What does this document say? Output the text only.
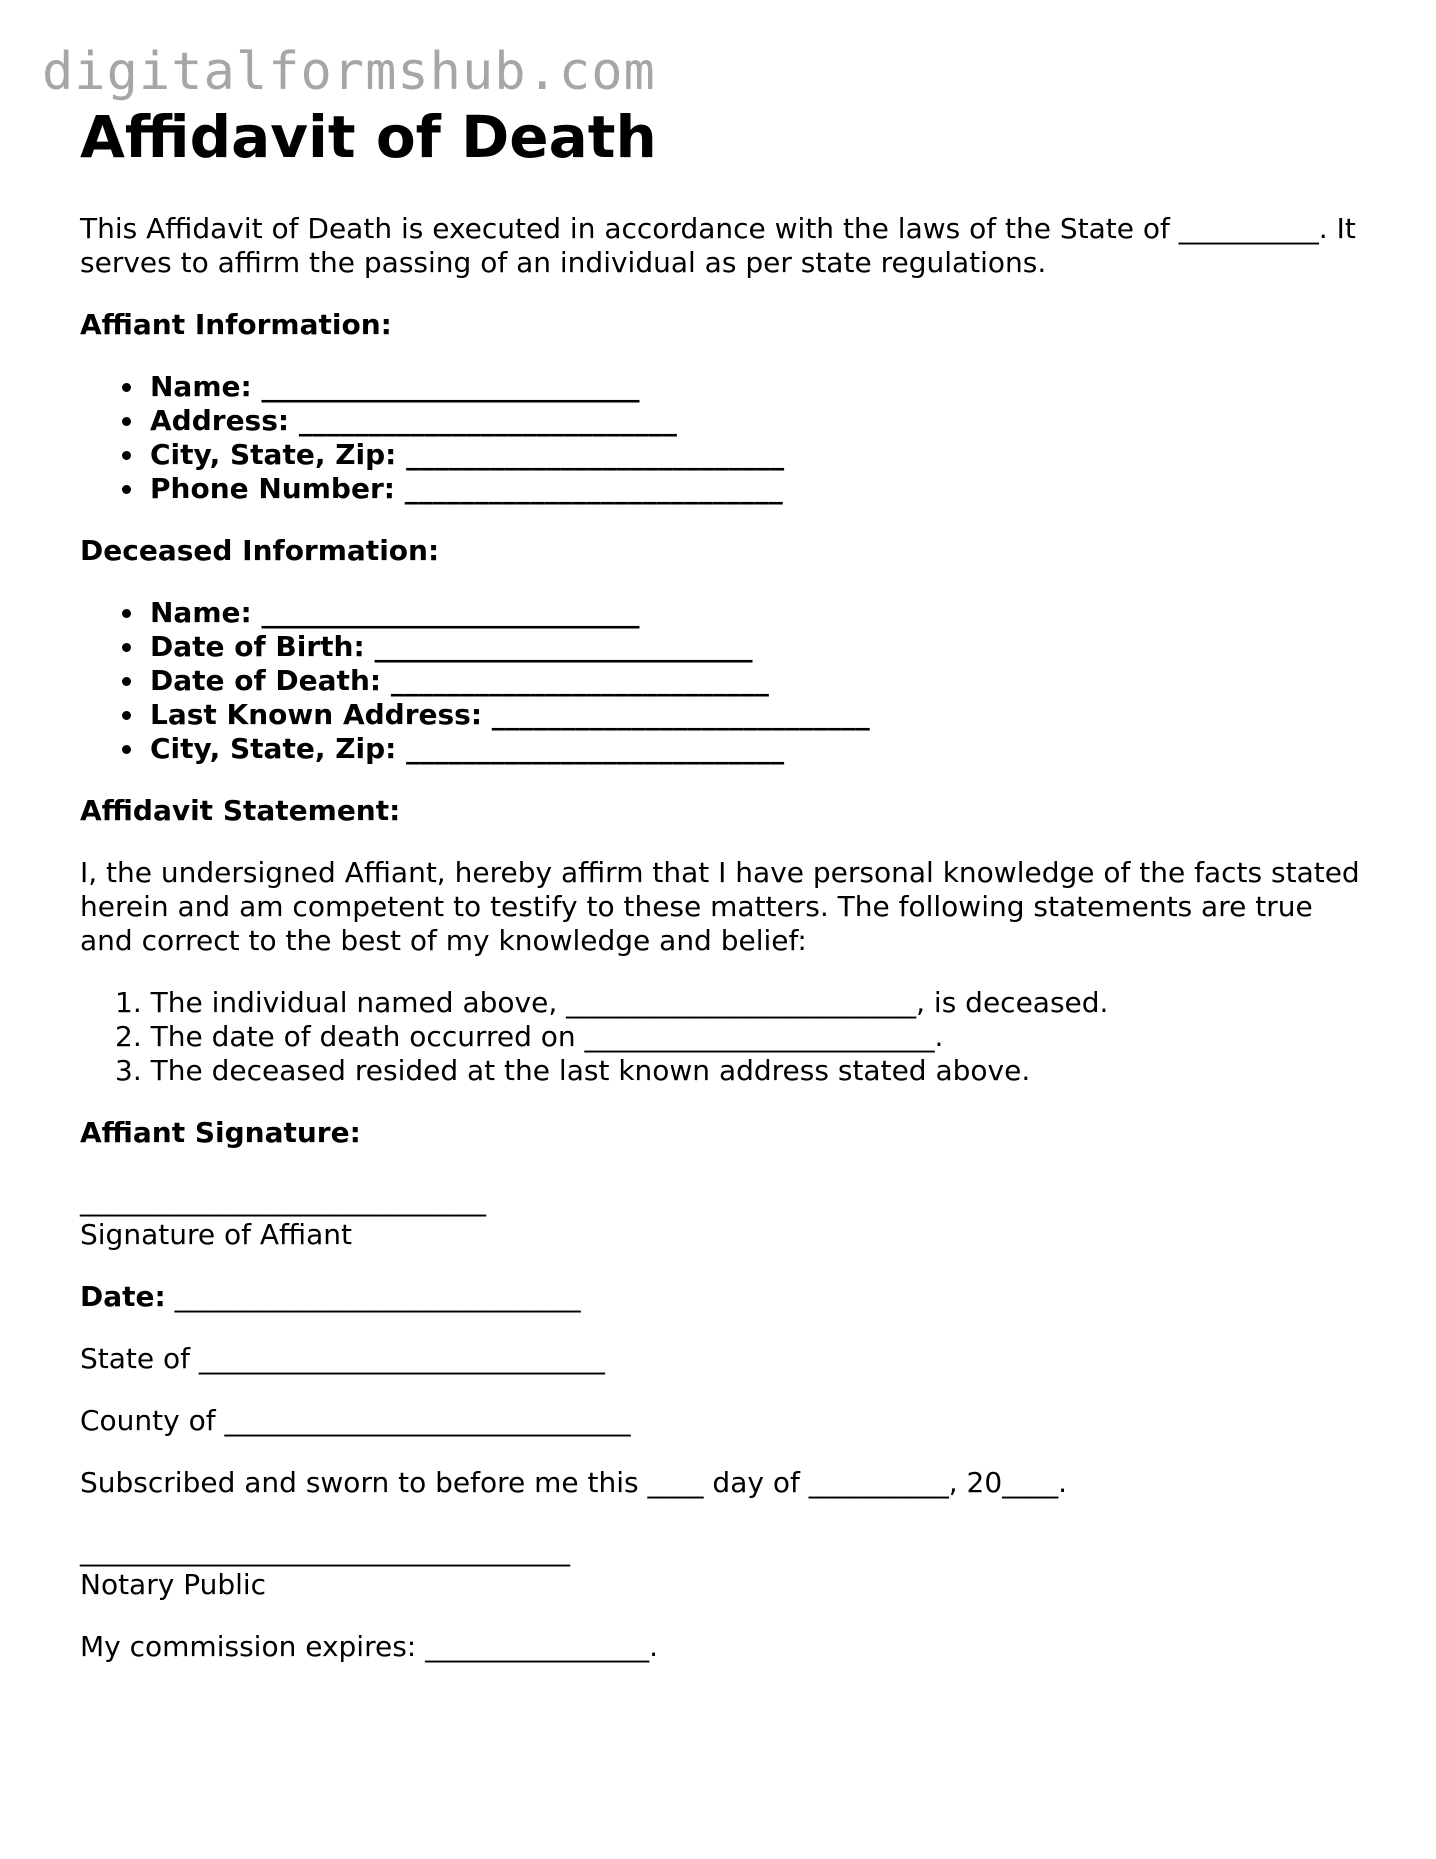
digitalformshub.com
Affidavit of Death

This Affidavit of Death is executed in accordance with the laws of the State of __________. It serves to affirm the passing of an individual as per state regulations.

Affiant Information:
Name: ___________________________
Address: ___________________________
City, State, Zip: ___________________________
Phone Number: ___________________________
Deceased Information:
Name: ___________________________
Date of Birth: ___________________________
Date of Death: ___________________________
Last Known Address: ___________________________
City, State, Zip: ___________________________
Affidavit Statement:

I, the undersigned Affiant, hereby affirm that I have personal knowledge of the facts stated herein and am competent to testify to these matters. The following statements are true and correct to the best of my knowledge and belief:

1. The individual named above, _________________________, is deceased.
2. The date of death occurred on _________________________.
3. The deceased resided at the last known address stated above.
Affiant Signature:
_____________________________
Signature of Affiant

Date: _____________________________

State of _____________________________

County of _____________________________

Subscribed and sworn to before me this ____ day of __________, 20____.

___________________________________
Notary Public

My commission expires: ________________.
